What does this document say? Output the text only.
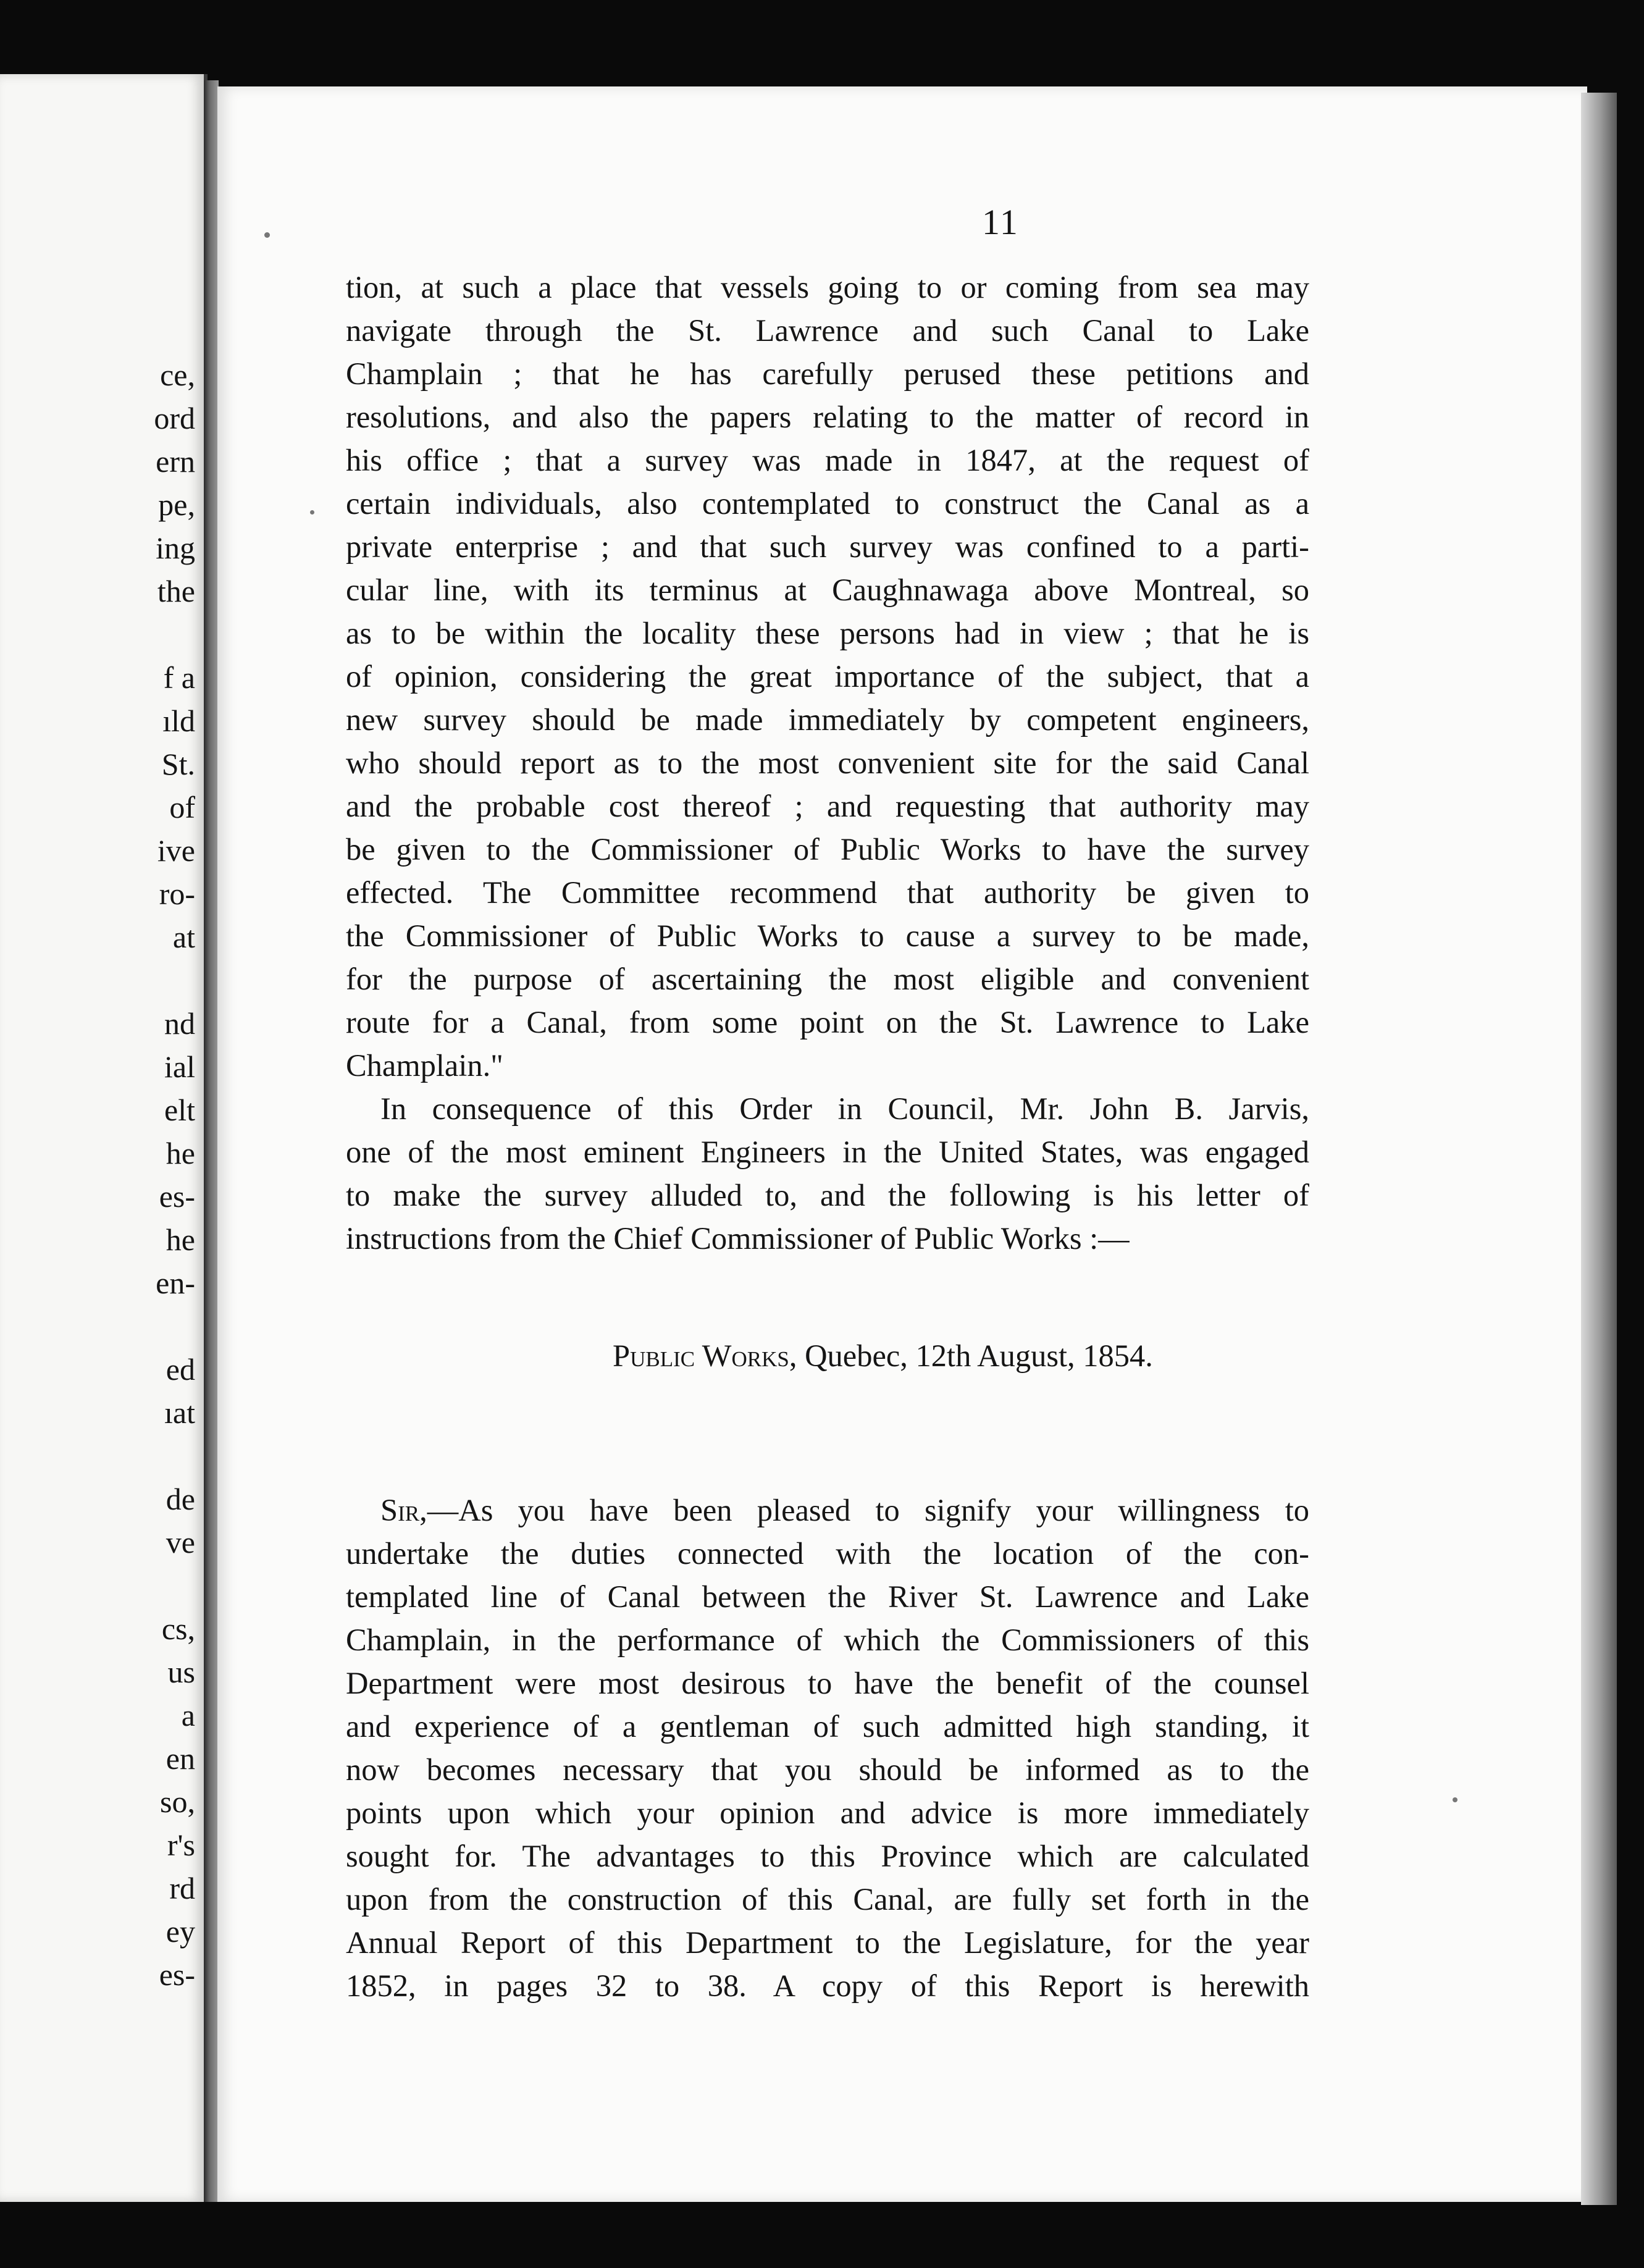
ce,
ord
ern
pe,
ing
the
f a
ıld
St.
of
ive
ro-
at
nd
ial
elt
he
es-
he
en-
ed
ıat
de
ve
cs,
us
a
en
so,
r's
rd
ey
es-
11
tion, at such a place that vessels going to or coming from sea may
navigate through the St. Lawrence and such Canal to Lake
Champlain ; that he has carefully perused these petitions and
resolutions, and also the papers relating to the matter of record in
his office ; that a survey was made in 1847, at the request of
certain individuals, also contemplated to construct the Canal as a
private enterprise ; and that such survey was confined to a parti-
cular line, with its terminus at Caughnawaga above Montreal, so
as to be within the locality these persons had in view ; that he is
of opinion, considering the great importance of the subject, that a
new survey should be made immediately by competent engineers,
who should report as to the most convenient site for the said Canal
and the probable cost thereof ; and requesting that authority may
be given to the Commissioner of Public Works to have the survey
effected. The Committee recommend that authority be given to
the Commissioner of Public Works to cause a survey to be made,
for the purpose of ascertaining the most eligible and convenient
route for a Canal, from some point on the St. Lawrence to Lake
Champlain."
In consequence of this Order in Council, Mr. John B. Jarvis,
one of the most eminent Engineers in the United States, was engaged
to make the survey alluded to, and the following is his letter of
instructions from the Chief Commissioner of Public Works :—
Public Works, Quebec, 12th August, 1854.
Sir,—As you have been pleased to signify your willingness to
undertake the duties connected with the location of the con-
templated line of Canal between the River St. Lawrence and Lake
Champlain, in the performance of which the Commissioners of this
Department were most desirous to have the benefit of the counsel
and experience of a gentleman of such admitted high standing, it
now becomes necessary that you should be informed as to the
points upon which your opinion and advice is more immediately
sought for. The advantages to this Province which are calculated
upon from the construction of this Canal, are fully set forth in the
Annual Report of this Department to the Legislature, for the year
1852, in pages 32 to 38. A copy of this Report is herewith
